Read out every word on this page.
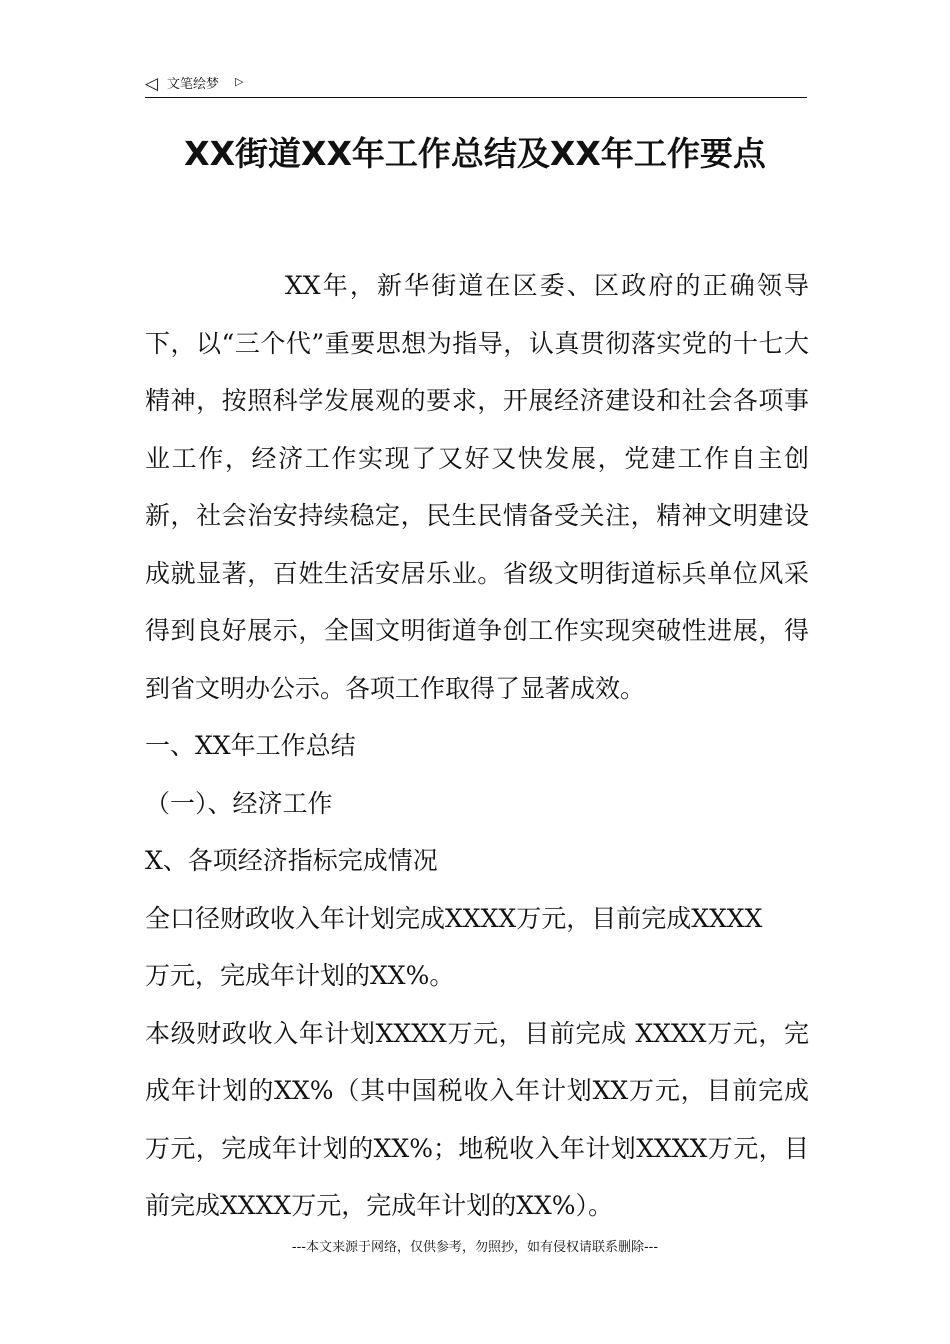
◁ 文笔绘梦 ▷
XX街道XX年工作总结及XX年工作要点

XX年，新华街道在区委、区政府的正确领导下，以“三个代”重要思想为指导，认真贯彻落实党的十七大精神，按照科学发展观的要求，开展经济建设和社会各项事业工作，经济工作实现了又好又快发展，党建工作自主创新，社会治安持续稳定，民生民情备受关注，精神文明建设成就显著，百姓生活安居乐业。省级文明街道标兵单位风采得到良好展示，全国文明街道争创工作实现突破性进展，得到省文明办公示。各项工作取得了显著成效。

一、XX年工作总结

（一）、经济工作

X、各项经济指标完成情况

全口径财政收入年计划完成XXXX万元，目前完成XXXX

万元，完成年计划的XX%。

本级财政收入年计划XXXX万元，目前完成 XXXX万元，完成年计划的XX%（其中国税收入年计划XX万元，目前完成万元，完成年计划的XX%；地税收入年计划XXXX万元，目前完成XXXX万元，完成年计划的XX%）。

---本文来源于网络，仅供参考，勿照抄，如有侵权请联系删除---
